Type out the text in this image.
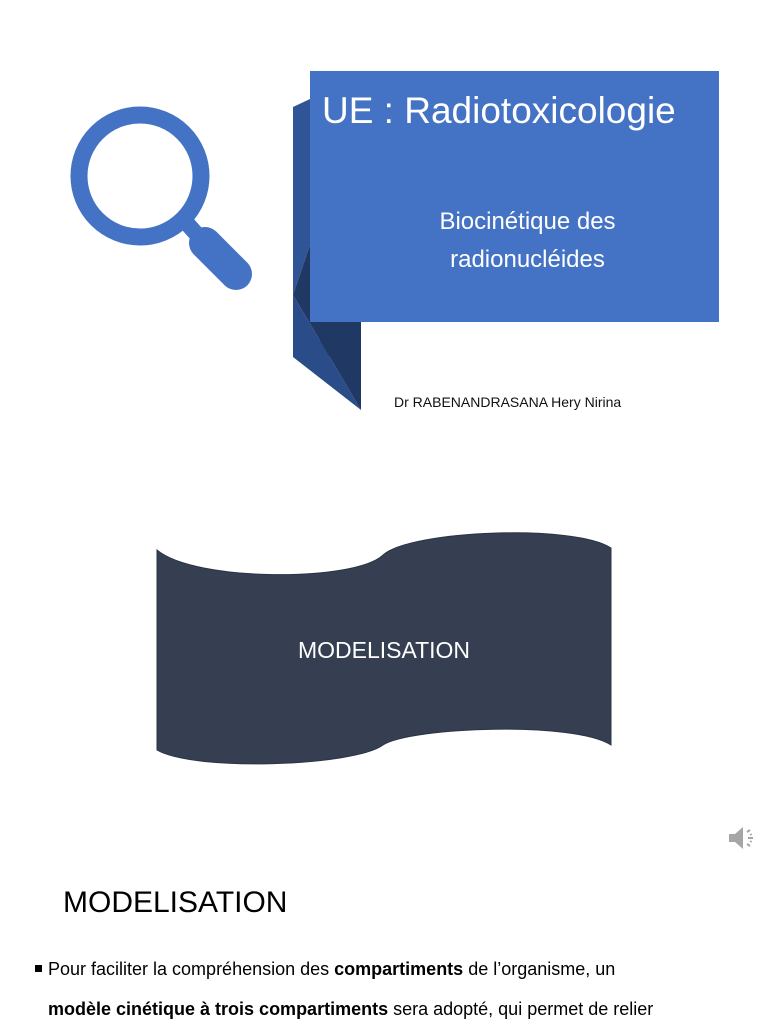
UE : Radiotoxicologie
Biocinétique des
radionucléides
Dr RABENANDRASANA Hery Nirina
MODELISATION
MODELISATION
Pour faciliter la compréhension des compartiments de l’organisme, un
modèle cinétique à trois compartiments sera adopté, qui permet de relier
